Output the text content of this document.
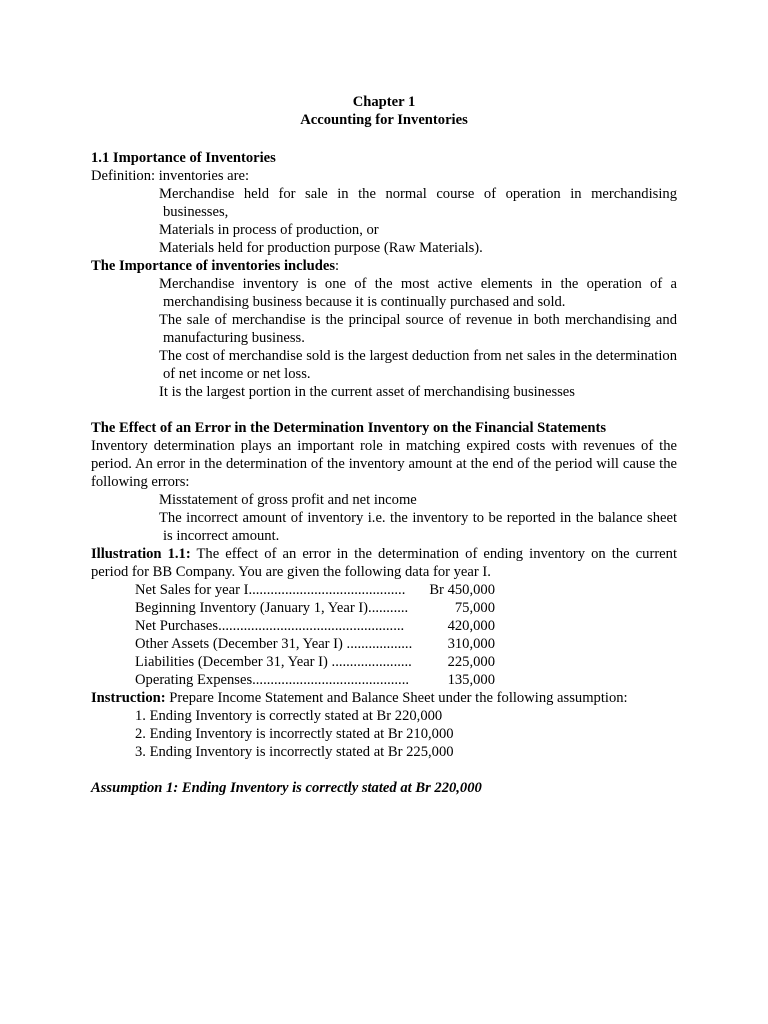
Chapter 1
Accounting for Inventories
1.1 Importance of Inventories
Definition: inventories are:
Merchandise held for sale in the normal course of operation in merchandising businesses,
Materials in process of production, or
Materials held for production purpose (Raw Materials).
The Importance of inventories includes:
Merchandise inventory is one of the most active elements in the operation of a merchandising business because it is continually purchased and sold.
The sale of merchandise is the principal source of revenue in both merchandising and manufacturing business.
The cost of merchandise sold is the largest deduction from net sales in the determination of net income or net loss.
It is the largest portion in the current asset of merchandising businesses
The Effect of an Error in the Determination Inventory on the Financial Statements
Inventory determination plays an important role in matching expired costs with revenues of the period. An error in the determination of the inventory amount at the end of the period will cause the following errors:
Misstatement of gross profit and net income
The incorrect amount of inventory i.e. the inventory to be reported in the balance sheet is incorrect amount.
Illustration 1.1: The effect of an error in the determination of ending inventory on the current period for BB Company. You are given the following data for year I.
Net Sales for year I........................................... Br 450,000
Beginning Inventory (January 1, Year I)...........	75,000
Net Purchases...................................................	420,000
Other Assets (December 31, Year I) .................. 310,000
Liabilities (December 31, Year I) ...................... 225,000
Operating Expenses...........................................	135,000
Instruction: Prepare Income Statement and Balance Sheet under the following assumption:
1. Ending Inventory is correctly stated at Br 220,000
2. Ending Inventory is incorrectly stated at Br 210,000
3. Ending Inventory is incorrectly stated at Br 225,000
Assumption 1: Ending Inventory is correctly stated at Br 220,000
